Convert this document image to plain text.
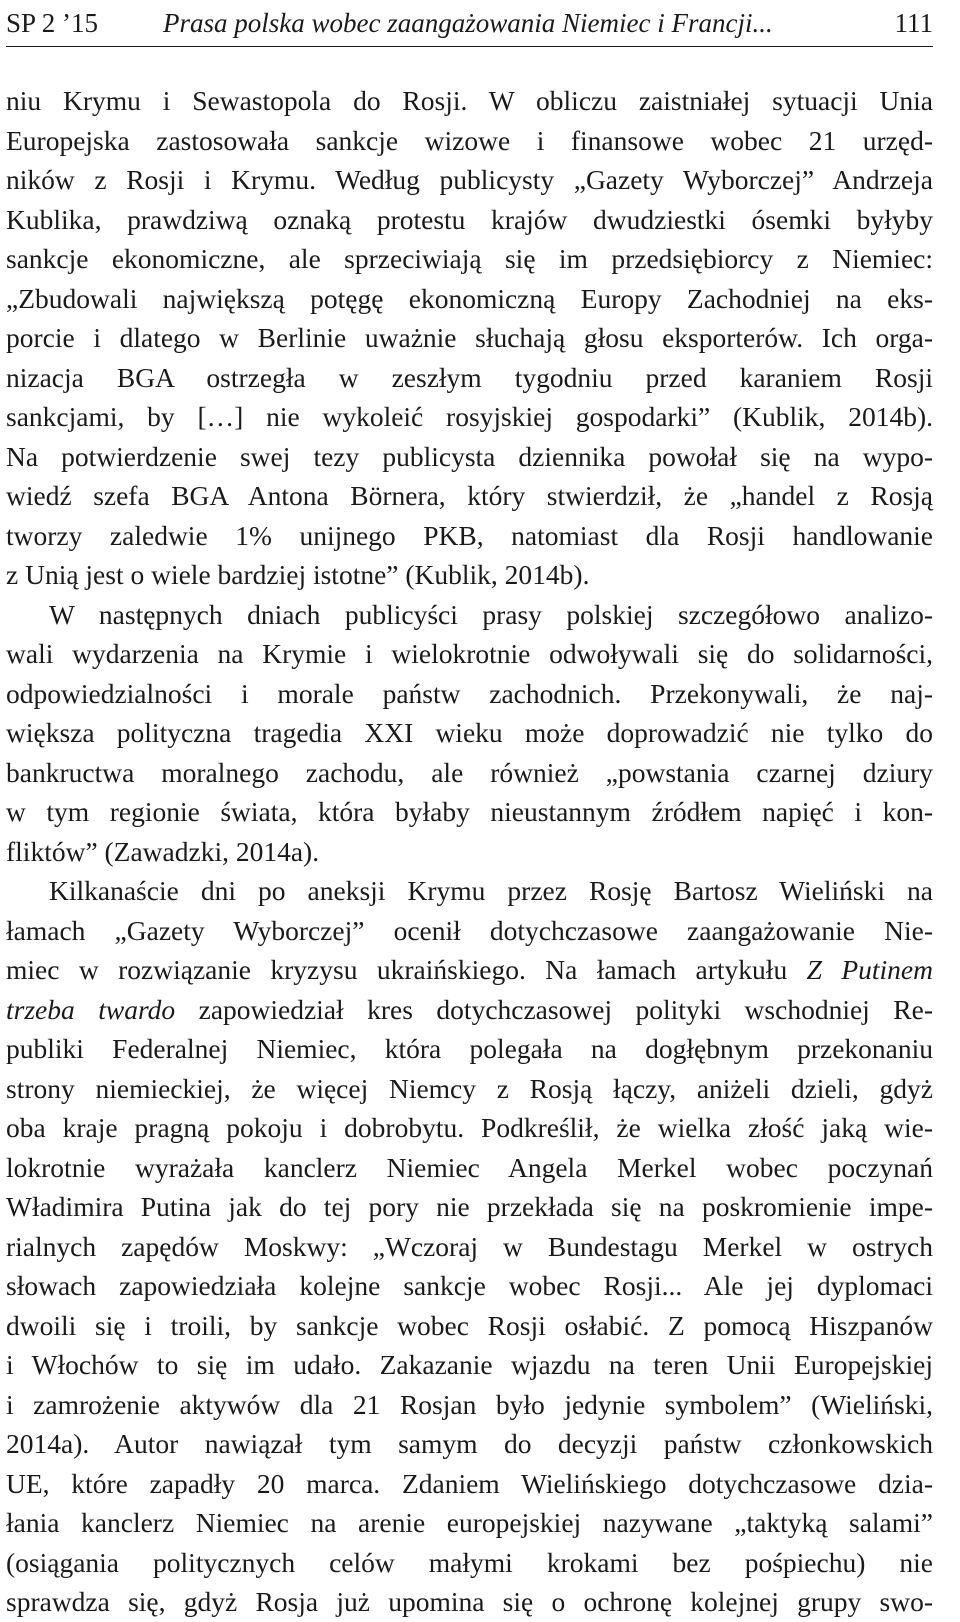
SP 2 ’15 Prasa polska wobec zaangażowania Niemiec i Francji...	111
niu Krymu i Sewastopola do Rosji. W obliczu zaistniałej sytuacji Unia
Europejska zastosowała sankcje wizowe i finansowe wobec 21 urzęd-
ników z Rosji i Krymu. Według publicysty „Gazety Wyborczej” Andrzeja
Kublika, prawdziwą oznaką protestu krajów dwudziestki ósemki byłyby
sankcje ekonomiczne, ale sprzeciwiają się im przedsiębiorcy z Niemiec:
„Zbudowali największą potęgę ekonomiczną Europy Zachodniej na eks-
porcie i dlatego w Berlinie uważnie słuchają głosu eksporterów. Ich orga-
nizacja BGA ostrzegła w zeszłym tygodniu przed karaniem Rosji
sankcjami, by […] nie wykoleić rosyjskiej gospodarki” (Kublik, 2014b).
Na potwierdzenie swej tezy publicysta dziennika powołał się na wypo-
wiedź szefa BGA Antona Börnera, który stwierdził, że „handel z Rosją
tworzy zaledwie 1% unijnego PKB, natomiast dla Rosji handlowanie
z Unią jest o wiele bardziej istotne” (Kublik, 2014b).
W następnych dniach publicyści prasy polskiej szczegółowo analizo-
wali wydarzenia na Krymie i wielokrotnie odwoływali się do solidarności,
odpowiedzialności i morale państw zachodnich. Przekonywali, że naj-
większa polityczna tragedia XXI wieku może doprowadzić nie tylko do
bankructwa moralnego zachodu, ale również „powstania czarnej dziury
w tym regionie świata, która byłaby nieustannym źródłem napięć i kon-
fliktów” (Zawadzki, 2014a).
Kilkanaście dni po aneksji Krymu przez Rosję Bartosz Wieliński na
łamach „Gazety Wyborczej” ocenił dotychczasowe zaangażowanie Nie-
miec w rozwiązanie kryzysu ukraińskiego. Na łamach artykułu Z Putinem
trzeba twardo zapowiedział kres dotychczasowej polityki wschodniej Re-
publiki Federalnej Niemiec, która polegała na dogłębnym przekonaniu
strony niemieckiej, że więcej Niemcy z Rosją łączy, aniżeli dzieli, gdyż
oba kraje pragną pokoju i dobrobytu. Podkreślił, że wielka złość jaką wie-
lokrotnie wyrażała kanclerz Niemiec Angela Merkel wobec poczynań
Władimira Putina jak do tej pory nie przekłada się na poskromienie impe-
rialnych zapędów Moskwy: „Wczoraj w Bundestagu Merkel w ostrych
słowach zapowiedziała kolejne sankcje wobec Rosji... Ale jej dyplomaci
dwoili się i troili, by sankcje wobec Rosji osłabić. Z pomocą Hiszpanów
i Włochów to się im udało. Zakazanie wjazdu na teren Unii Europejskiej
i zamrożenie aktywów dla 21 Rosjan było jedynie symbolem” (Wieliński,
2014a). Autor nawiązał tym samym do decyzji państw członkowskich
UE, które zapadły 20 marca. Zdaniem Wielińskiego dotychczasowe dzia-
łania kanclerz Niemiec na arenie europejskiej nazywane „taktyką salami”
(osiągania politycznych celów małymi krokami bez pośpiechu) nie
sprawdza się, gdyż Rosja już upomina się o ochronę kolejnej grupy swo-
